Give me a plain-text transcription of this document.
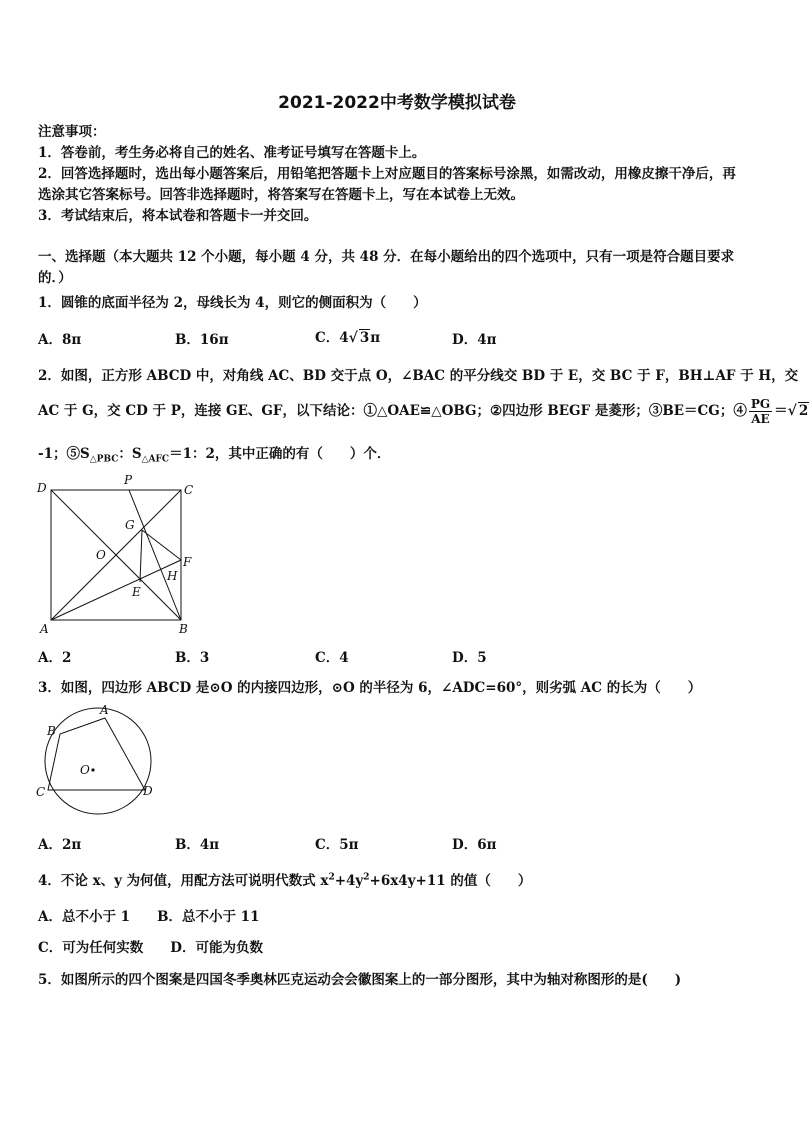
2021-2022中考数学模拟试卷
注意事项：
1．答卷前，考生务必将自己的姓名、准考证号填写在答题卡上。
2．回答选择题时，选出每小题答案后，用铅笔把答题卡上对应题目的答案标号涂黑，如需改动，用橡皮擦干净后，再
选涂其它答案标号。回答非选择题时，将答案写在答题卡上，写在本试卷上无效。
3．考试结束后，将本试卷和答题卡一并交回。
一、选择题（本大题共 12 个小题，每小题 4 分，共 48 分．在每小题给出的四个选项中，只有一项是符合题目要求
的．）
1．圆锥的底面半径为 2，母线长为 4，则它的侧面积为（　　）
A．8π	B．16π	C．4√ 3π	D．4π
2．如图，正方形 ABCD 中，对角线 AC、BD 交于点 O，∠BAC 的平分线交 BD 于 E，交 BC 于 F，BH⊥AF 于 H，交
AC 于 G，交 CD 于 P，连接 GE、GF，以下结论：①△OAE≌△OBG；②四边形 BEGF 是菱形；③BE＝CG；④ $\frac{PG}{AE}$ ＝√ 2
-1；$⑤S_{\triangle PBC}$：$S_{\triangle AFC}=1$：2，其中正确的有（　　）个．
D	C
P
G
O	F
H
E
A	B
A．2	B．3	C．4	D．5
3．如图，四边形 ABCD 是⊙O 的内接四边形，⊙O 的半径为 6，∠ADC=60°，则劣弧 AC 的长为（　　）
A
B
C	D
O
A．2π	B．4π	C．5π	D．6π
4．不论 x、y 为何值，用配方法可说明代数式 $x^2+4y^2+6x4y+11$ 的值（　　）
A．总不小于 1　　B．总不小于 11
C．可为任何实数　　D．可能为负数
5．如图所示的四个图案是四国冬季奥林匹克运动会会徽图案上的一部分图形，其中为轴对称图形的是(　　)
